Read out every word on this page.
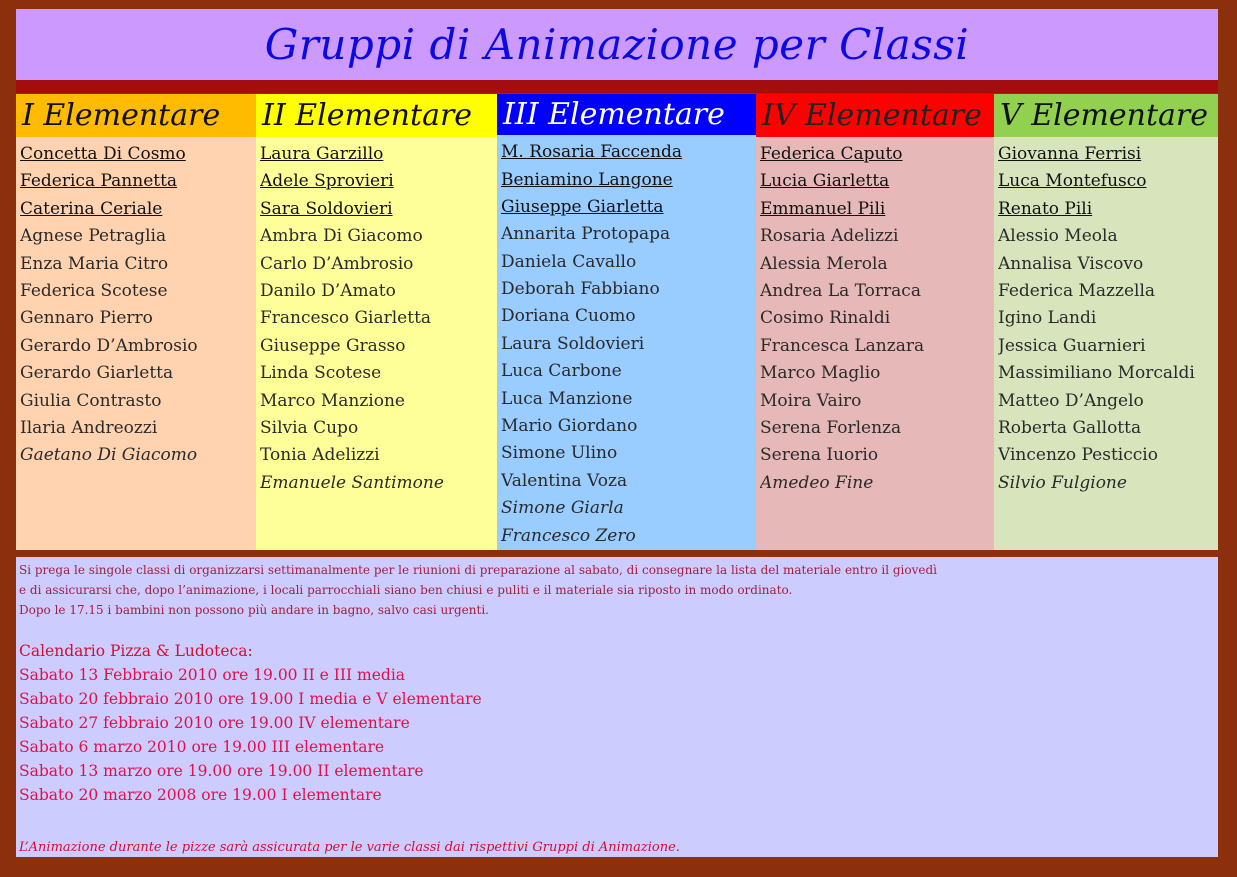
Gruppi di Animazione per Classi
I Elementare
Concetta Di Cosmo
Federica Pannetta
Caterina Ceriale
Agnese Petraglia
Enza Maria Citro
Federica Scotese
Gennaro Pierro
Gerardo D’Ambrosio
Gerardo Giarletta
Giulia Contrasto
Ilaria Andreozzi
Gaetano Di Giacomo
II Elementare
Laura Garzillo
Adele Sprovieri
Sara Soldovieri
Ambra Di Giacomo
Carlo D’Ambrosio
Danilo D’Amato
Francesco Giarletta
Giuseppe Grasso
Linda Scotese
Marco Manzione
Silvia Cupo
Tonia Adelizzi
Emanuele Santimone
III Elementare
M. Rosaria Faccenda
Beniamino Langone
Giuseppe Giarletta
Annarita Protopapa
Daniela Cavallo
Deborah Fabbiano
Doriana Cuomo
Laura Soldovieri
Luca Carbone
Luca Manzione
Mario Giordano
Simone Ulino
Valentina Voza
Simone Giarla
Francesco Zero
IV Elementare
Federica Caputo
Lucia Giarletta
Emmanuel Pili
Rosaria Adelizzi
Alessia Merola
Andrea La Torraca
Cosimo Rinaldi
Francesca Lanzara
Marco Maglio
Moira Vairo
Serena Forlenza
Serena Iuorio
Amedeo Fine
V Elementare
Giovanna Ferrisi
Luca Montefusco
Renato Pili
Alessio Meola
Annalisa Viscovo
Federica Mazzella
Igino Landi
Jessica Guarnieri
Massimiliano Morcaldi
Matteo D’Angelo
Roberta Gallotta
Vincenzo Pesticcio
Silvio Fulgione
Si prega le singole classi di organizzarsi settimanalmente per le riunioni di preparazione al sabato, di consegnare la lista del materiale entro il giovedì
e di assicurarsi che, dopo l’animazione, i locali parrocchiali siano ben chiusi e puliti e il materiale sia riposto in modo ordinato.
Dopo le 17.15 i bambini non possono più andare in bagno, salvo casi urgenti.
Calendario Pizza & Ludoteca:
Sabato 13 Febbraio 2010 ore 19.00 II e III media
Sabato 20 febbraio 2010 ore 19.00 I media e V elementare
Sabato 27 febbraio 2010 ore 19.00 IV elementare
Sabato 6 marzo 2010 ore 19.00 III elementare
Sabato 13 marzo ore 19.00 ore 19.00 II elementare
Sabato 20 marzo 2008 ore 19.00 I elementare
L’Animazione durante le pizze sarà assicurata per le varie classi dai rispettivi Gruppi di Animazione.
